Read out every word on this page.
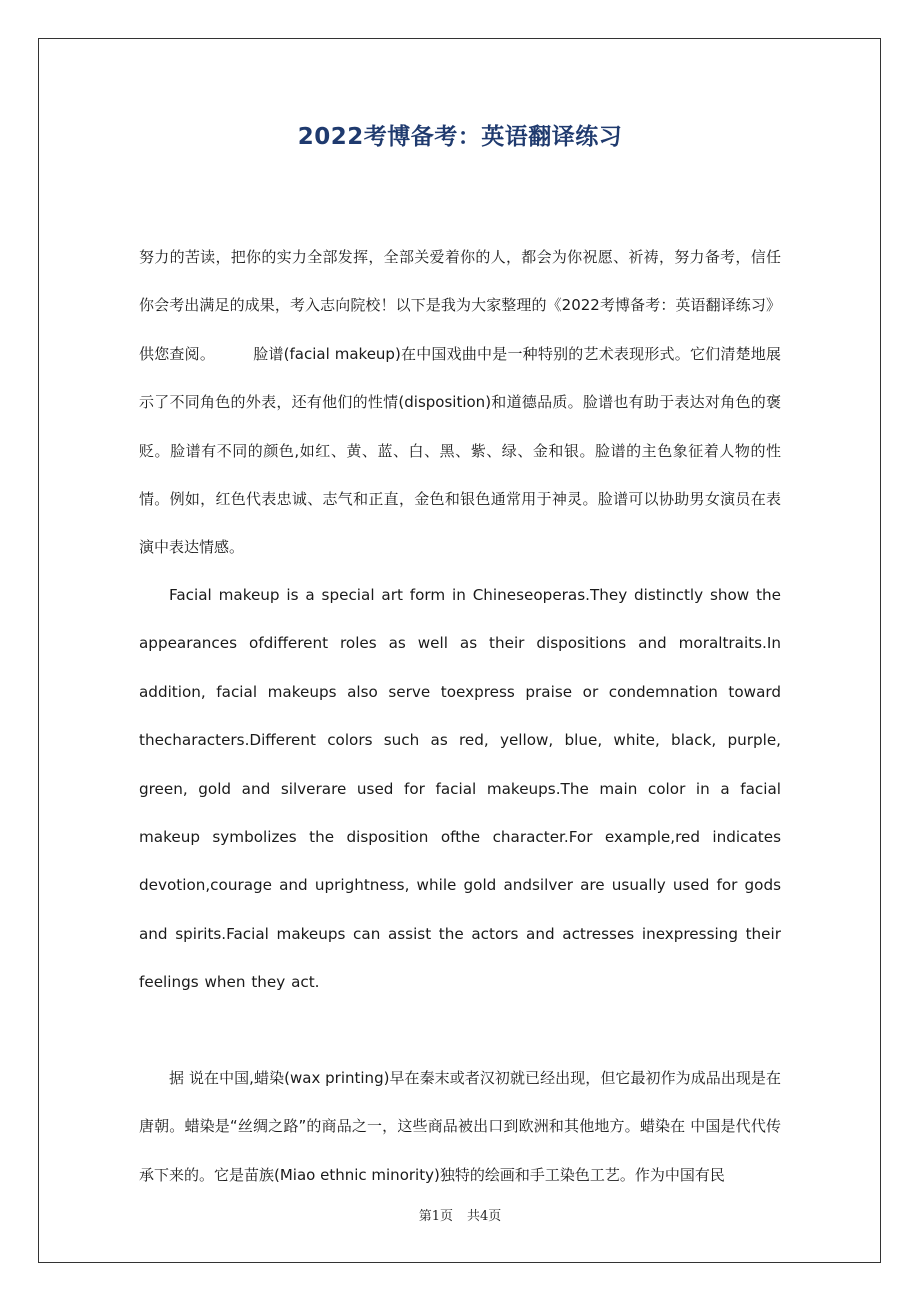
2022考博备考：英语翻译练习

努力的苦读，把你的实力全部发挥，全部关爱着你的人，都会为你祝愿、祈祷，努力备考，信任你会考出满足的成果，考入志向院校！以下是我为大家整理的《2022考博备考：英语翻译练习》供您查阅。	脸谱(facial makeup)在中国戏曲中是一种特别的艺术表现形式。它们清楚地展示了不同角色的外表，还有他们的性情(disposition)和道德品质。脸谱也有助于表达对角色的褒贬。脸谱有不同的颜色,如红、黄、蓝、白、黑、紫、绿、金和银。脸谱的主色象征着人物的性情。例如，红色代表忠诚、志气和正直，金色和银色通常用于神灵。脸谱可以协助男女演员在表演中表达情感。

Facial makeup is a special art form in Chineseoperas.They distinctly show the appearances ofdifferent roles as well as their dispositions and moraltraits.In addition, facial makeups also serve toexpress praise or condemnation toward thecharacters.Different colors such as red, yellow, blue, white, black, purple, green, gold and silverare used for facial makeups.The main color in a facial makeup symbolizes the disposition ofthe character.For example,red indicates devotion,courage and uprightness, while gold andsilver are usually used for gods and spirits.Facial makeups can assist the actors and actresses inexpressing their feelings when they act.

据 说在中国,蜡染(wax printing)早在秦末或者汉初就已经出现，但它最初作为成品出现是在唐朝。蜡染是“丝绸之路”的商品之一，这些商品被出口到欧洲和其他地方。蜡染在 中国是代代传承下来的。它是苗族(Miao ethnic minority)独特的绘画和手工染色工艺。作为中国有民

第1页 共4页
